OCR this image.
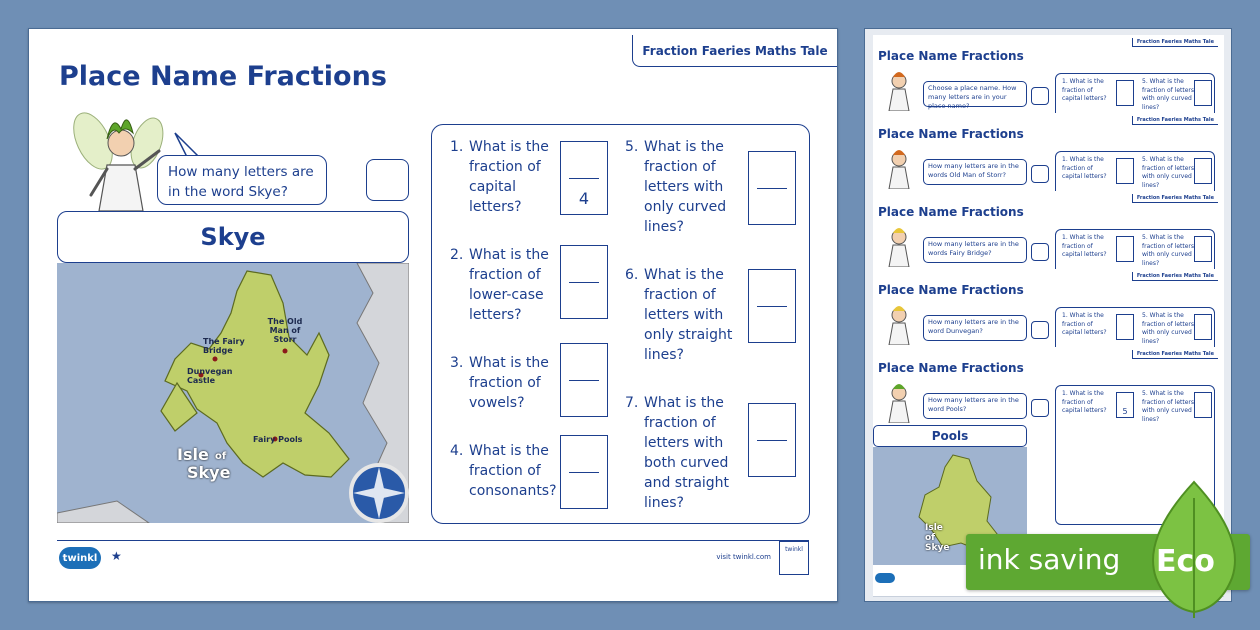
Fraction Faeries Maths Tale
Place Name Fractions
How many letters are in the word Skye?
Skye
The Old Man of Storr
The Fairy Bridge
Dunvegan Castle
Fairy Pools
Isle of
Skye
1. What is the fraction of capital letters?	4
2. What is the fraction of lower-case letters?
3. What is the fraction of vowels?
4. What is the fraction of consonants?
5. What is the fraction of letters with only curved lines?
6. What is the fraction of letters with only straight lines?
7. What is the fraction of letters with both curved and straight lines?
twinkl	★	visit twinkl.com
twinkl
Fraction Faeries Maths Tale
Place Name Fractions
Choose a place name. How many letters are in your place name?
1. What is the fraction of capital letters?
5. What is the fraction of letters with only curved lines?
Fraction Faeries Maths Tale
Place Name Fractions
How many letters are in the words Old Man of Storr?
1. What is the fraction of capital letters?
5. What is the fraction of letters with only curved lines?
Fraction Faeries Maths Tale
Place Name Fractions
How many letters are in the words Fairy Bridge?
1. What is the fraction of capital letters?
5. What is the fraction of letters with only curved lines?
Fraction Faeries Maths Tale
Place Name Fractions
How many letters are in the word Dunvegan?
1. What is the fraction of capital letters?
5. What is the fraction of letters with only curved lines?
Fraction Faeries Maths Tale
Place Name Fractions
How many letters are in the word Pools?
1. What is the fraction of capital letters?	5
5. What is the fraction of letters with only curved lines?
Pools
Isle of Skye ink saving Eco
